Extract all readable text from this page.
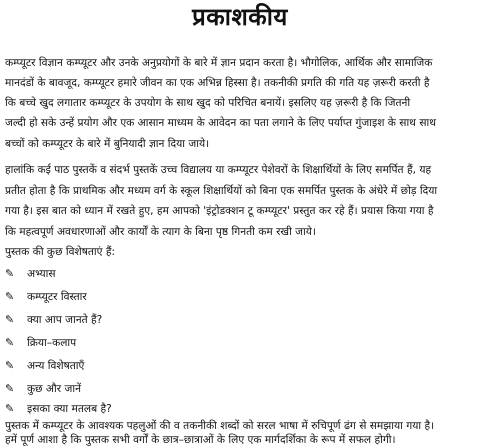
प्रकाशकीय
कम्प्यूटर विज्ञान कम्प्यूटर और उनके अनुप्रयोगों के बारे में ज्ञान प्रदान करता है। भौगोलिक, आर्थिक और सामाजिक
मानदंडों के बावजूद, कम्प्यूटर हमारे जीवन का एक अभिन्न हिस्सा है। तकनीकी प्रगति की गति यह ज़रूरी करती है
कि बच्चे खुद लगातार कम्प्यूटर के उपयोग के साथ खुद को परिचित बनायें। इसलिए यह ज़रूरी है कि जितनी
जल्दी हो सके उन्हें प्रयोग और एक आसान माध्यम के आवेदन का पता लगाने के लिए पर्याप्त गुंजाइश के साथ साथ
बच्चों को कम्प्यूटर के बारे में बुनियादी ज्ञान दिया जाये।
हालांकि कई पाठ पुस्तकें व संदर्भ पुस्तकें उच्च विद्यालय या कम्प्यूटर पेशेवरों के शिक्षार्थियों के लिए समर्पित हैं, यह
प्रतीत होता है कि प्राथमिक और मध्यम वर्ग के स्कूल शिक्षार्थियों को बिना एक समर्पित पुस्तक के अंधेरे में छोड़ दिया
गया है। इस बात को ध्यान में रखते हुए, हम आपको 'इंट्रोडक्शन टू कम्प्यूटर' प्रस्तुत कर रहे हैं। प्रयास किया गया है
कि महत्वपूर्ण अवधारणाओं और कार्यों के त्याग के बिना पृष्ठ गिनती कम रखी जाये।
पुस्तक की कुछ विशेषताएं हैं:
✎ अभ्यास
✎ कम्प्यूटर विस्तार
✎ क्या आप जानते हैं?
✎ क्रिया–कलाप
✎ अन्य विशेषताएँ
✎ कुछ और जानें
✎ इसका क्या मतलब है?
पुस्तक में कम्प्यूटर के आवश्यक पहलुओं की व तकनीकी शब्दों को सरल भाषा में रुचिपूर्ण ढंग से समझाया गया है।
हमें पूर्ण आशा है कि पुस्तक सभी वर्गों के छात्र–छात्राओं के लिए एक मार्गदर्शिका के रूप में सफल होगी।
